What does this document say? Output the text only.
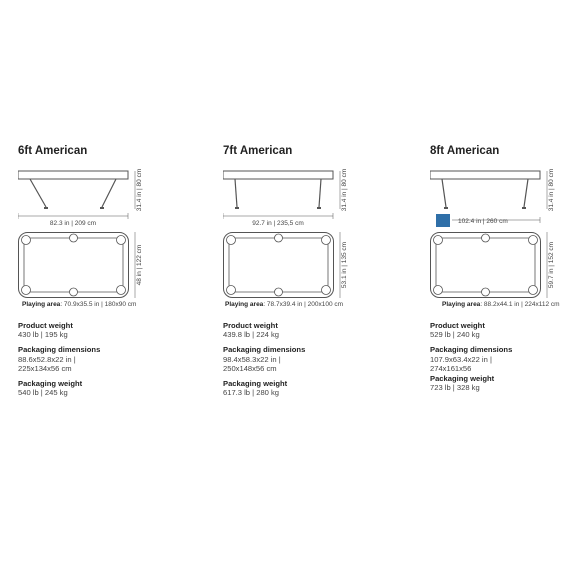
6ft American
82.3 in | 209 cm
31.4 in | 80 cm
48 in | 122 cm
Playing area: 70.9x35.5 in | 180x90 cm
Product weight
430 lb | 195 kg
Packaging dimensions
88.6x52.8x22 in |
225x134x56 cm
Packaging weight
540 lb | 245 kg
7ft American
92.7 in | 235,5 cm
31.4 in | 80 cm
53.1 in | 135 cm
Playing area: 78.7x39.4 in | 200x100 cm
Product weight
439.8 lb | 224 kg
Packaging dimensions
98.4x58.3x22 in |
250x148x56 cm
Packaging weight
617.3 lb | 280 kg
8ft American
31.4 in | 80 cm
102.4 in | 260 cm
59.7 in | 152 cm
Playing area: 88.2x44.1 in | 224x112 cm
Product weight
529 lb | 240 kg
Packaging dimensions
107.9x63.4x22 in |
274x161x56
Packaging weight
723 lb | 328 kg
